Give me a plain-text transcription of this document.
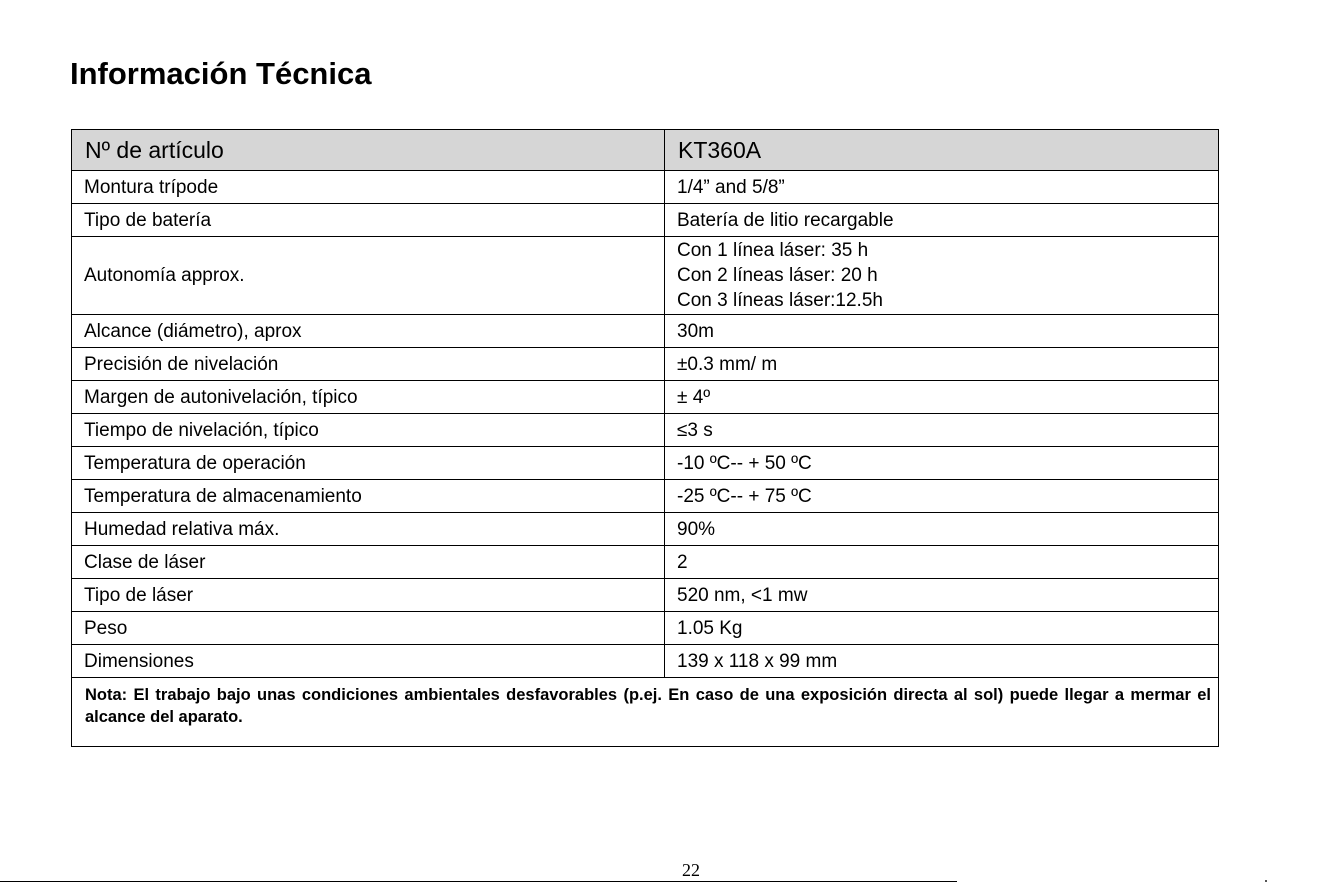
Información Técnica
Nº de artículo	KT360A
Montura trípode	1/4” and 5/8”
Tipo de batería	Batería de litio recargable
Autonomía approx.	Con 1 línea láser: 35 h
Con 2 líneas láser: 20 h
Con 3 líneas láser:12.5h

Alcance (diámetro), aprox	30m
Precisión de nivelación	±0.3 mm/ m
Margen de autonivelación, típico	± 4º
Tiempo de nivelación, típico	≤3 s
Temperatura de operación	-10 ºC-- + 50 ºC
Temperatura de almacenamiento	-25 ºC-- + 75 ºC
Humedad relativa máx.	90%
Clase de láser	2
Tipo de láser	520 nm, <1 mw
Peso	1.05 Kg
Dimensiones	139 x 118 x 99 mm
Nota: El trabajo bajo unas condiciones ambientales desfavorables (p.ej. En caso de una exposición directa al sol) puede llegar a mermar el alcance del aparato.	
22
